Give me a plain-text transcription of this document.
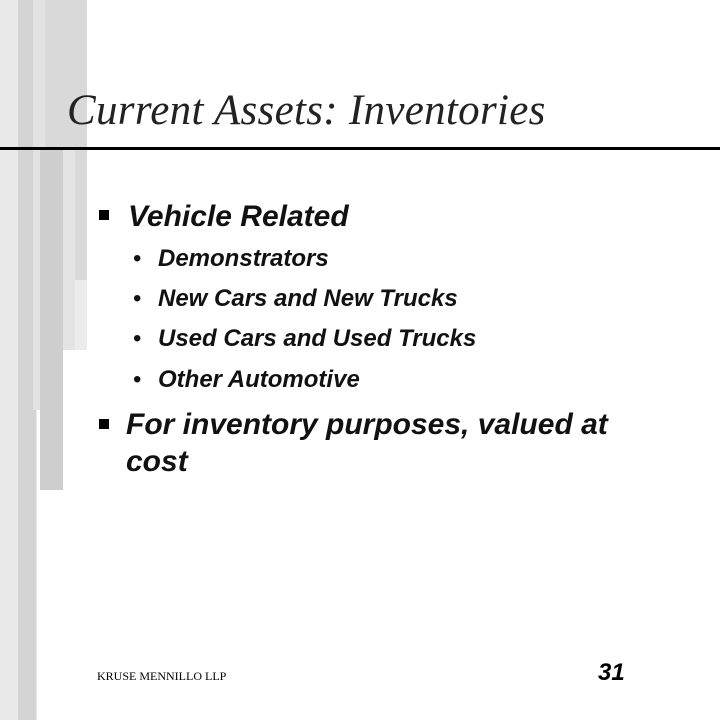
Current Assets: Inventories
Vehicle Related
• Demonstrators
• New Cars and New Trucks
• Used Cars and Used Trucks
• Other Automotive
For inventory purposes, valued at cost
KRUSE MENNILLO LLP	31
